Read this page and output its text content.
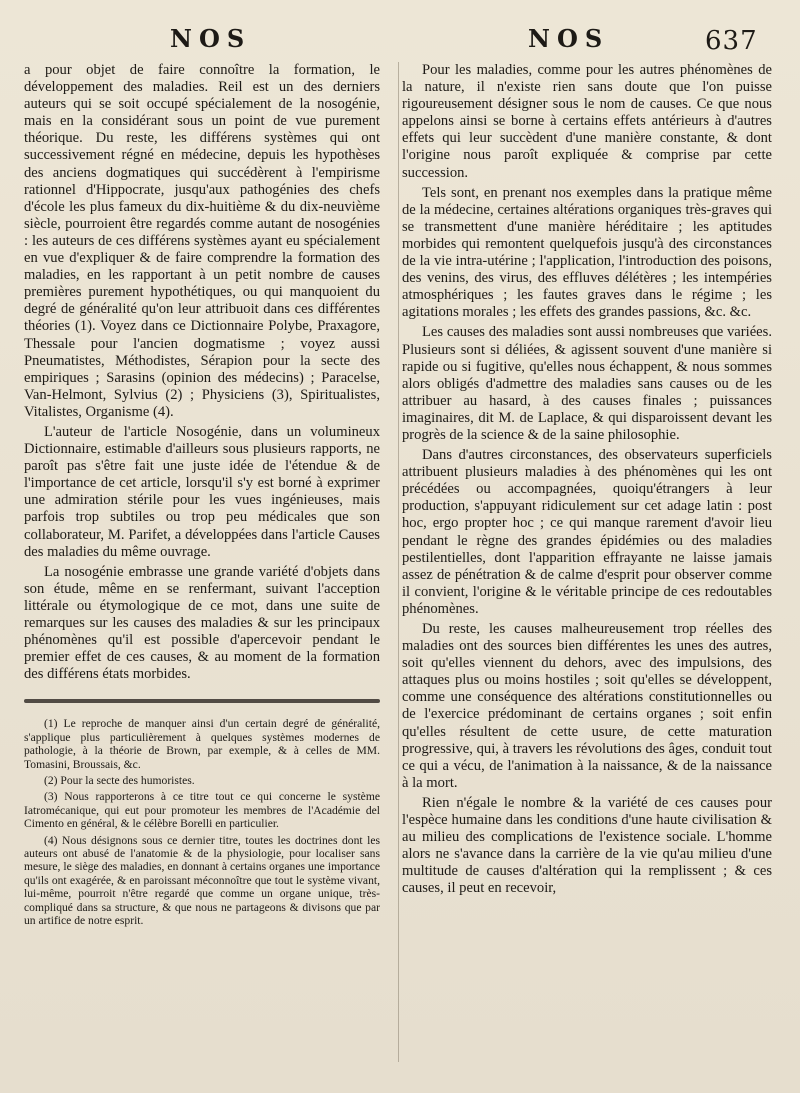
NOS	NOS	637

a pour objet de faire connoître la formation, le développement des maladies. Reil est un des derniers auteurs qui se soit occupé spécialement de la nosogénie, mais en la considérant sous un point de vue purement théorique. Du reste, les différens systèmes qui ont successivement régné en médecine, depuis les hypothèses des anciens dogmatiques qui succédèrent à l'empirisme rationnel d'Hippocrate, jusqu'aux pathogénies des chefs d'école les plus fameux du dix-huitième & du dix-neuvième siècle, pourroient être regardés comme autant de nosogénies : les auteurs de ces différens systèmes ayant eu spécialement en vue d'expliquer & de faire comprendre la formation des maladies, en les rapportant à un petit nombre de causes premières purement hypothétiques, ou qui manquoient du degré de généralité qu'on leur attribuoit dans ces différentes théories (1). Voyez dans ce Dictionnaire Polybe, Praxagore, Thessale pour l'ancien dogmatisme ; voyez aussi Pneumatistes, Méthodistes, Sérapion pour la secte des empiriques ; Sarasins (opinion des médecins) ; Paracelse, Van-Helmont, Sylvius (2) ; Physiciens (3), Spiritualistes, Vitalistes, Organisme (4).

L'auteur de l'article Nosogénie, dans un volumineux Dictionnaire, estimable d'ailleurs sous plusieurs rapports, ne paroît pas s'être fait une juste idée de l'étendue & de l'importance de cet article, lorsqu'il s'y est borné à exprimer une admiration stérile pour les vues ingénieuses, mais parfois trop subtiles ou trop peu médicales que son collaborateur, M. Parifet, a développées dans l'article Causes des maladies du même ouvrage.

La nosogénie embrasse une grande variété d'objets dans son étude, même en se renfermant, suivant l'acception littérale ou étymologique de ce mot, dans une suite de remarques sur les causes des maladies & sur les principaux phénomènes qu'il est possible d'apercevoir pendant le premier effet de ces causes, & au moment de la formation des différens états morbides.

(1) Le reproche de manquer ainsi d'un certain degré de généralité, s'applique plus particulièrement à quelques systèmes modernes de pathologie, à la théorie de Brown, par exemple, & à celles de MM. Tomasini, Broussais, &c.

(2) Pour la secte des humoristes.

(3) Nous rapporterons à ce titre tout ce qui concerne le système Iatromécanique, qui eut pour promoteur les membres de l'Académie del Cimento en général, & le célèbre Borelli en particulier.

(4) Nous désignons sous ce dernier titre, toutes les doctrines dont les auteurs ont abusé de l'anatomie & de la physiologie, pour localiser sans mesure, le siège des maladies, en donnant à certains organes une importance qu'ils ont exagérée, & en paroissant méconnoître que tout le système vivant, lui-même, pourroit n'être regardé que comme un organe unique, très-compliqué dans sa structure, & que nous ne partageons & divisons que par un artifice de notre esprit.

Pour les maladies, comme pour les autres phénomènes de la nature, il n'existe rien sans doute que l'on puisse rigoureusement désigner sous le nom de causes. Ce que nous appelons ainsi se borne à certains effets antérieurs à d'autres effets qui leur succèdent d'une manière constante, & dont l'origine nous paroît expliquée & comprise par cette succession.

Tels sont, en prenant nos exemples dans la pratique même de la médecine, certaines altérations organiques très-graves qui se transmettent d'une manière héréditaire ; les aptitudes morbides qui remontent quelquefois jusqu'à des circonstances de la vie intra-utérine ; l'application, l'introduction des poisons, des venins, des virus, des effluves délétères ; les intempéries atmosphériques ; les fautes graves dans le régime ; les agitations morales ; les effets des grandes passions, &c. &c.

Les causes des maladies sont aussi nombreuses que variées. Plusieurs sont si déliées, & agissent souvent d'une manière si rapide ou si fugitive, qu'elles nous échappent, & nous sommes alors obligés d'admettre des maladies sans causes ou de les attribuer au hasard, à des causes finales ; puissances imaginaires, dit M. de Laplace, & qui disparoissent devant les progrès de la science & de la saine philosophie.

Dans d'autres circonstances, des observateurs superficiels attribuent plusieurs maladies à des phénomènes qui les ont précédées ou accompagnées, quoiqu'étrangers à leur production, s'appuyant ridiculement sur cet adage latin : post hoc, ergo propter hoc ; ce qui manque rarement d'avoir lieu pendant le règne des grandes épidémies ou des maladies pestilentielles, dont l'apparition effrayante ne laisse jamais assez de pénétration & de calme d'esprit pour observer comme il convient, l'origine & le véritable principe de ces redoutables phénomènes.

Du reste, les causes malheureusement trop réelles des maladies ont des sources bien différentes les unes des autres, soit qu'elles viennent du dehors, avec des impulsions, des attaques plus ou moins hostiles ; soit qu'elles se développent, comme une conséquence des altérations constitutionnelles ou de l'exercice prédominant de certains organes ; soit enfin qu'elles résultent de cette usure, de cette maturation progressive, qui, à travers les révolutions des âges, conduit tout ce qui a vécu, de l'animation à la naissance, & de la naissance à la mort.

Rien n'égale le nombre & la variété de ces causes pour l'espèce humaine dans les conditions d'une haute civilisation & au milieu des complications de l'existence sociale. L'homme alors ne s'avance dans la carrière de la vie qu'au milieu d'une multitude de causes d'altération qui la remplissent ; & ces causes, il peut en recevoir,
